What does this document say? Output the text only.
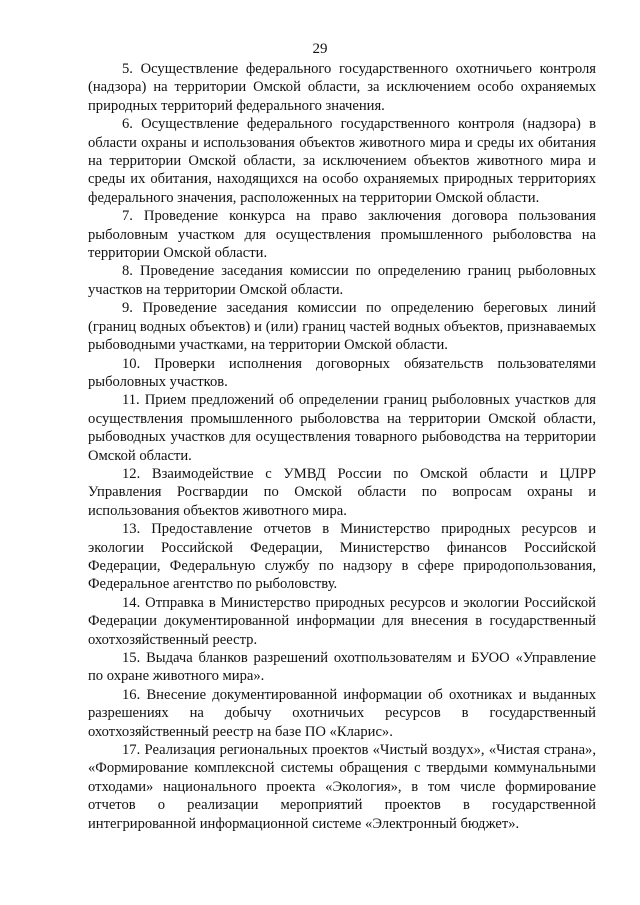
29

5. Осуществление федерального государственного охотничьего контроля (надзора) на территории Омской области, за исключением особо охраняемых природных территорий федерального значения.

6. Осуществление федерального государственного контроля (надзора) в области охраны и использования объектов животного мира и среды их обитания на территории Омской области, за исключением объектов животного мира и среды их обитания, находящихся на особо охраняемых природных территориях федерального значения, расположенных на территории Омской области.

7. Проведение конкурса на право заключения договора пользования рыболовным участком для осуществления промышленного рыболовства на территории Омской области.

8. Проведение заседания комиссии по определению границ рыболовных участков на территории Омской области.

9. Проведение заседания комиссии по определению береговых линий (границ водных объектов) и (или) границ частей водных объектов, признаваемых рыбоводными участками, на территории Омской области.

10. Проверки исполнения договорных обязательств пользователями рыболовных участков.

11. Прием предложений об определении границ рыболовных участков для осуществления промышленного рыболовства на территории Омской области, рыбоводных участков для осуществления товарного рыбоводства на территории Омской области.

12. Взаимодействие с УМВД России по Омской области и ЦЛРР Управления Росгвардии по Омской области по вопросам охраны и использования объектов животного мира.

13. Предоставление отчетов в Министерство природных ресурсов и экологии Российской Федерации, Министерство финансов Российской Федерации, Федеральную службу по надзору в сфере природопользования, Федеральное агентство по рыболовству.

14. Отправка в Министерство природных ресурсов и экологии Российской Федерации документированной информации для внесения в государственный охотхозяйственный реестр.

15. Выдача бланков разрешений охотпользователям и БУОО «Управление по охране животного мира».

16. Внесение документированной информации об охотниках и выданных разрешениях на добычу охотничьих ресурсов в государственный охотхозяйственный реестр на базе ПО «Кларис».

17. Реализация региональных проектов «Чистый воздух», «Чистая страна», «Формирование комплексной системы обращения с твердыми коммунальными отходами» национального проекта «Экология», в том числе формирование отчетов о реализации мероприятий проектов в государственной интегрированной информационной системе «Электронный бюджет».
